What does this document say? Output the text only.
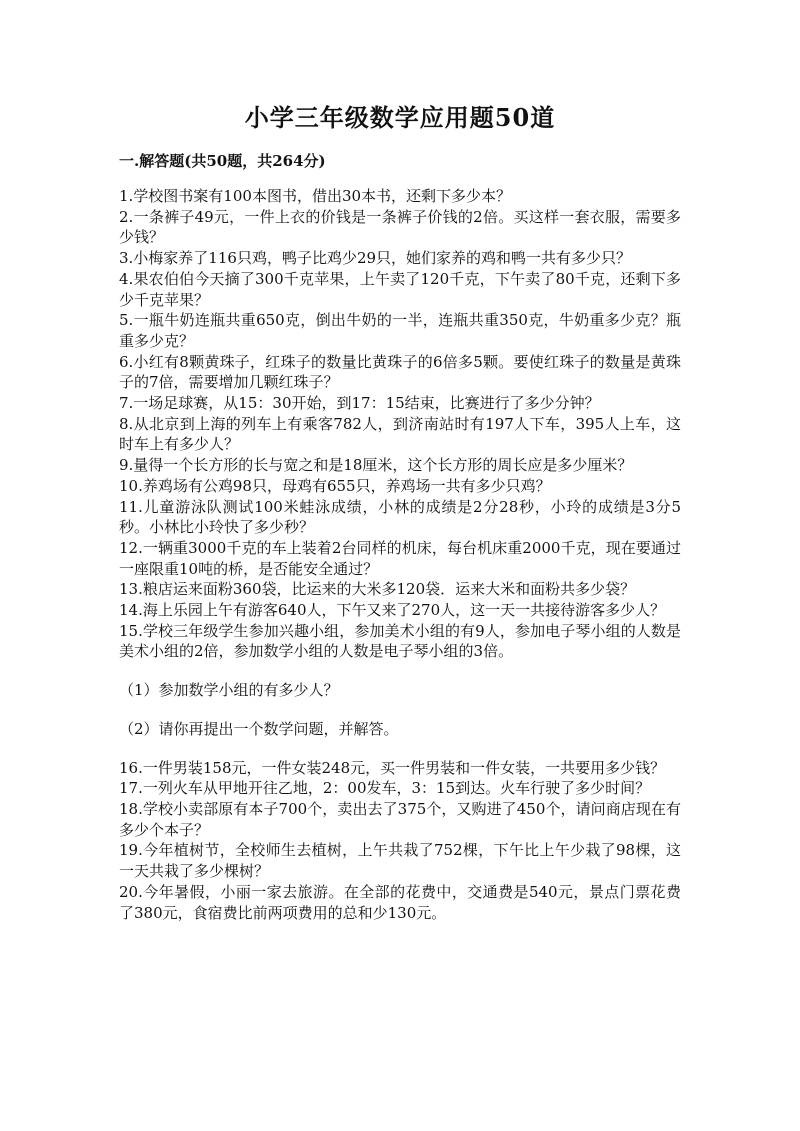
小学三年级数学应用题50道
一.解答题(共50题，共264分)

1.学校图书案有100本图书，借出30本书，还剩下多少本？

2.一条裤子49元，一件上衣的价钱是一条裤子价钱的2倍。买这样一套衣服，需要多少钱？

3.小梅家养了116只鸡，鸭子比鸡少29只，她们家养的鸡和鸭一共有多少只？

4.果农伯伯今天摘了300千克苹果，上午卖了120千克，下午卖了80千克，还剩下多少千克苹果？

5.一瓶牛奶连瓶共重650克，倒出牛奶的一半，连瓶共重350克，牛奶重多少克？瓶重多少克？

6.小红有8颗黄珠子，红珠子的数量比黄珠子的6倍多5颗。要使红珠子的数量是黄珠子的7倍，需要增加几颗红珠子？

7.一场足球赛，从15：30开始，到17：15结束，比赛进行了多少分钟？

8.从北京到上海的列车上有乘客782人，到济南站时有197人下车，395人上车，这时车上有多少人？

9.量得一个长方形的长与宽之和是18厘米，这个长方形的周长应是多少厘米？

10.养鸡场有公鸡98只，母鸡有655只，养鸡场一共有多少只鸡？

11.儿童游泳队测试100米蛙泳成绩，小林的成绩是2分28秒，小玲的成绩是3分5秒。小林比小玲快了多少秒？

12.一辆重3000千克的车上装着2台同样的机床，每台机床重2000千克，现在要通过一座限重10吨的桥，是否能安全通过？

13.粮店运来面粉360袋，比运来的大米多120袋．运来大米和面粉共多少袋？

14.海上乐园上午有游客640人，下午又来了270人，这一天一共接待游客多少人？

15.学校三年级学生参加兴趣小组，参加美术小组的有9人，参加电子琴小组的人数是美术小组的2倍，参加数学小组的人数是电子琴小组的3倍。

（1）参加数学小组的有多少人？

（2）请你再提出一个数学问题，并解答。

16.一件男装158元，一件女装248元，买一件男装和一件女装，一共要用多少钱？

17.一列火车从甲地开往乙地，2：00发车，3：15到达。火车行驶了多少时间？

18.学校小卖部原有本子700个，卖出去了375个，又购进了450个，请问商店现在有多少个本子？

19.今年植树节，全校师生去植树，上午共栽了752棵，下午比上午少栽了98棵，这一天共栽了多少棵树？

20.今年暑假，小丽一家去旅游。在全部的花费中，交通费是540元，景点门票花费了380元，食宿费比前两项费用的总和少130元。
